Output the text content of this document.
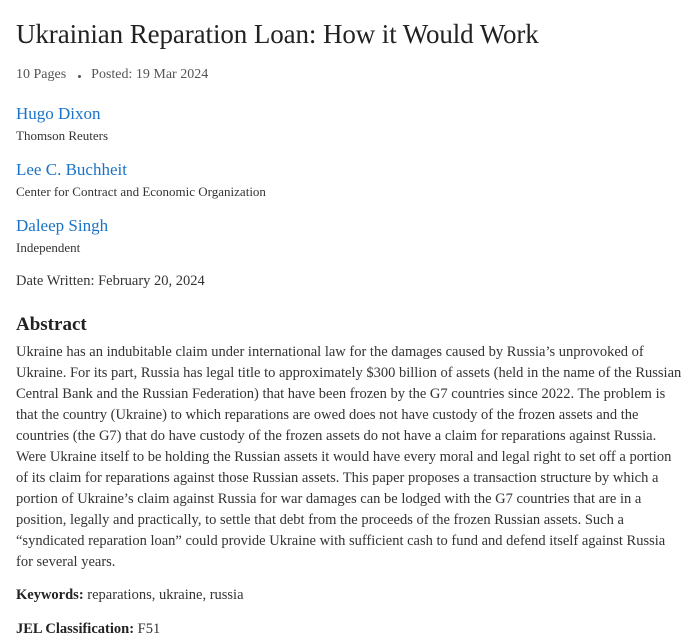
Ukrainian Reparation Loan: How it Would Work
10 Pages Posted: 19 Mar 2024
Hugo Dixon
Thomson Reuters
Lee C. Buchheit
Center for Contract and Economic Organization
Daleep Singh
Independent
Date Written: February 20, 2024
Abstract
Ukraine has an indubitable claim under international law for the damages caused by Russia’s unprovoked of Ukraine. For its part, Russia has legal title to approximately $300 billion of assets (held in the name of the Russian Central Bank and the Russian Federation) that have been frozen by the G7 countries since 2022. The problem is that the country (Ukraine) to which reparations are owed does not have custody of the frozen assets and the countries (the G7) that do have custody of the frozen assets do not have a claim for reparations against Russia. Were Ukraine itself to be holding the Russian assets it would have every moral and legal right to set off a portion of its claim for reparations against those Russian assets. This paper proposes a transaction structure by which a portion of Ukraine’s claim against Russia for war damages can be lodged with the G7 countries that are in a position, legally and practically, to settle that debt from the proceeds of the frozen Russian assets. Such a “syndicated reparation loan” could provide Ukraine with sufficient cash to fund and defend itself against Russia for several years.
Keywords: reparations, ukraine, russia
JEL Classification: F51
